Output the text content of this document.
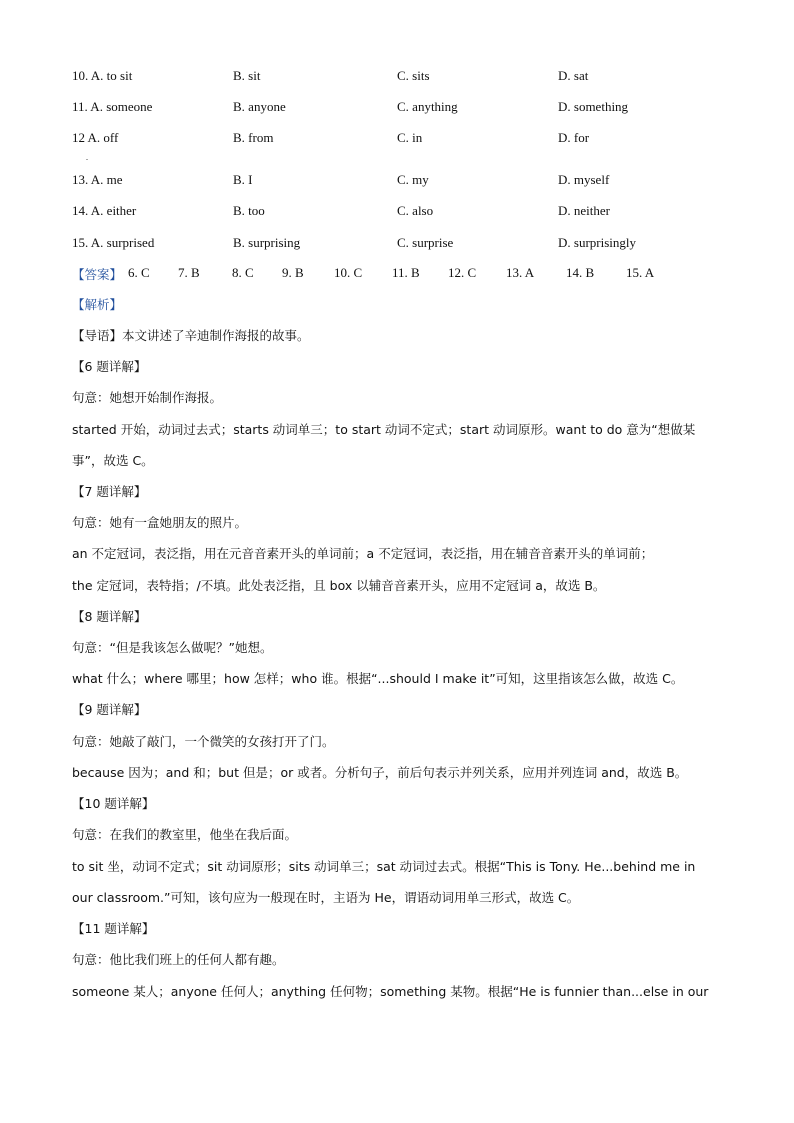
10. A. to sit	B. sit	C. sits	D. sat
11. A. someone	B. anyone	C. anything	D. something
12 A. off	B. from	C. in	D. for
.
13. A. me	B. I	C. my	D. myself
14. A. either	B. too	C. also	D. neither
15. A. surprised	B. surprising	C. surprise	D. surprisingly
【答案】 6. C 7. B 8. C 9. B 10. C 11. B 12. C 13. A 14. B 15. A
【解析】
【导语】本文讲述了辛迪制作海报的故事。
【6 题详解】
句意：她想开始制作海报。
started 开始，动词过去式；starts 动词单三；to start 动词不定式；start 动词原形。want to do 意为“想做某
事”，故选 C。
【7 题详解】
句意：她有一盒她朋友的照片。
an 不定冠词，表泛指，用在元音音素开头的单词前；a 不定冠词，表泛指，用在辅音音素开头的单词前；
the 定冠词，表特指；/不填。此处表泛指，且 box 以辅音音素开头，应用不定冠词 a，故选 B。
【8 题详解】
句意：“但是我该怎么做呢？”她想。
what 什么；where 哪里；how 怎样；who 谁。根据“...should I make it”可知，这里指该怎么做，故选 C。
【9 题详解】
句意：她敲了敲门，一个微笑的女孩打开了门。
because 因为；and 和；but 但是；or 或者。分析句子，前后句表示并列关系，应用并列连词 and，故选 B。
【10 题详解】
句意：在我们的教室里，他坐在我后面。
to sit 坐，动词不定式；sit 动词原形；sits 动词单三；sat 动词过去式。根据“This is Tony. He...behind me in
our classroom.”可知，该句应为一般现在时，主语为 He，谓语动词用单三形式，故选 C。
【11 题详解】
句意：他比我们班上的任何人都有趣。
someone 某人；anyone 任何人；anything 任何物；something 某物。根据“He is funnier than...else in our
